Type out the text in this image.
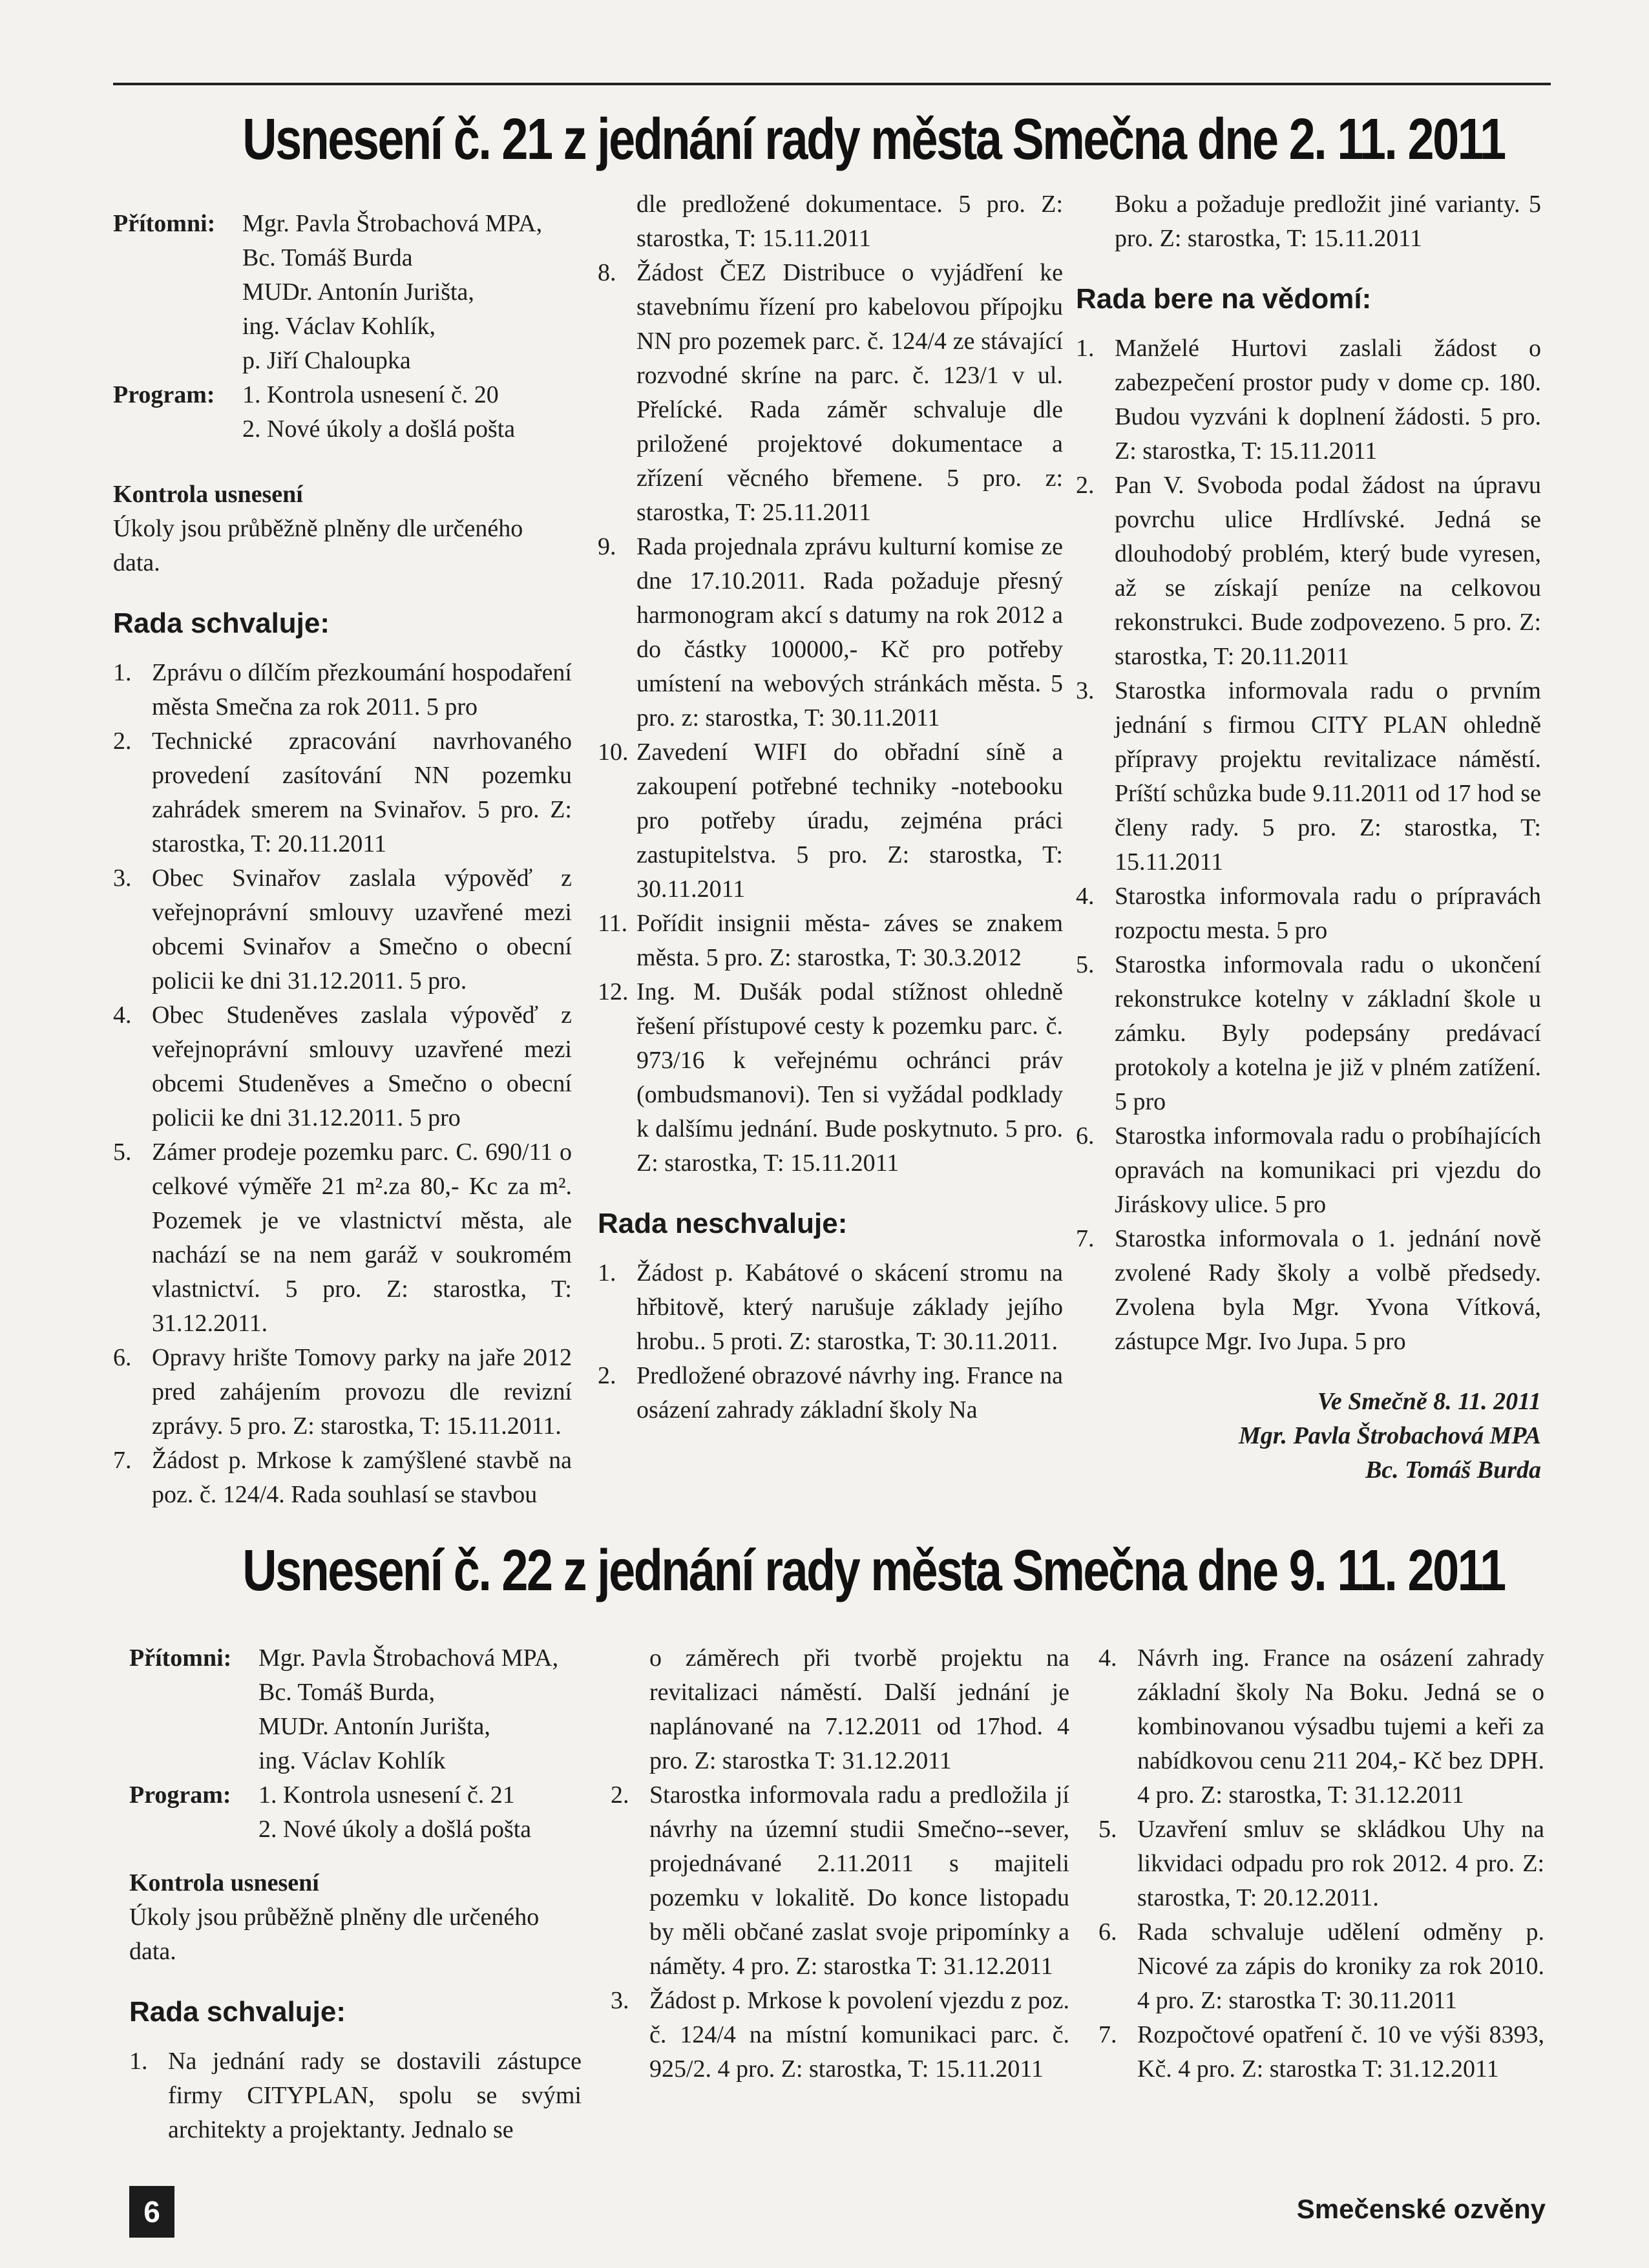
Usnesení č. 21 z jednání rady města Smečna dne 2. 11. 2011
Přítomni:	Mgr. Pavla Štrobachová MPA,
Bc. Tomáš Burda
MUDr. Antonín Jurišta,
ing. Václav Kohlík,
p. Jiří Chaloupka
Program:	1. Kontrola usnesení č. 20
2. Nové úkoly a došlá pošta
Kontrola usnesení
Úkoly jsou průběžně plněny dle určeného data.
Rada schvaluje:
1. Zprávu o dílčím přezkoumání hospodaření města Smečna za rok 2011. 5 pro
2. Technické zpracování navrhovaného provedení zasítování NN pozemku zahrádek smerem na Svinařov. 5 pro. Z: starostka, T: 20.11.2011
3. Obec Svinařov zaslala výpověď z veřejnoprávní smlouvy uzavřené mezi obcemi Svinařov a Smečno o obecní policii ke dni 31.12.2011. 5 pro.
4. Obec Studeněves zaslala výpověď z veřejnoprávní smlouvy uzavřené mezi obcemi Studeněves a Smečno o obecní policii ke dni 31.12.2011. 5 pro
5. Zámer prodeje pozemku parc. C. 690/11 o celkové výměře 21 m².za 80,- Kc za m². Pozemek je ve vlastnictví města, ale nachází se na nem garáž v soukromém vlastnictví. 5 pro. Z: starostka, T: 31.12.2011.
6. Opravy hrište Tomovy parky na jaře 2012 pred zahájením provozu dle revizní zprávy. 5 pro. Z: starostka, T: 15.11.2011.
7. Žádost p. Mrkose k zamýšlené stavbě na poz. č. 124/4. Rada souhlasí se stavbou
dle predložené dokumentace. 5 pro. Z: starostka, T: 15.11.2011
8. Žádost ČEZ Distribuce o vyjádření ke stavebnímu řízení pro kabelovou přípojku NN pro pozemek parc. č. 124/4 ze stávající rozvodné skríne na parc. č. 123/1 v ul. Přelícké. Rada záměr schvaluje dle priložené projektové dokumentace a zřízení věcného břemene. 5 pro. z: starostka, T: 25.11.2011
9. Rada projednala zprávu kulturní komise ze dne 17.10.2011. Rada požaduje přesný harmonogram akcí s datumy na rok 2012 a do částky 100000,- Kč pro potřeby umístení na webových stránkách města. 5 pro. z: starostka, T: 30.11.2011
10. Zavedení WIFI do obřadní síně a zakoupení potřebné techniky -notebooku pro potřeby úradu, zejména práci zastupitelstva. 5 pro. Z: starostka, T: 30.11.2011
11. Pořídit insignii města- záves se znakem města. 5 pro. Z: starostka, T: 30.3.2012
12. Ing. M. Dušák podal stížnost ohledně řešení přístupové cesty k pozemku parc. č. 973/16 k veřejnému ochránci práv (ombudsmanovi). Ten si vyžádal podklady k dalšímu jednání. Bude poskytnuto. 5 pro. Z: starostka, T: 15.11.2011
Rada neschvaluje:
1. Žádost p. Kabátové o skácení stromu na hřbitově, který narušuje základy jejího hrobu.. 5 proti. Z: starostka, T: 30.11.2011.
2. Predložené obrazové návrhy ing. France na osázení zahrady základní školy Na
Boku a požaduje predložit jiné varianty. 5 pro. Z: starostka, T: 15.11.2011
Rada bere na vědomí:
1. Manželé Hurtovi zaslali žádost o zabezpečení prostor pudy v dome cp. 180. Budou vyzváni k doplnení žádosti. 5 pro. Z: starostka, T: 15.11.2011
2. Pan V. Svoboda podal žádost na úpravu povrchu ulice Hrdlívské. Jedná se dlouhodobý problém, který bude vyresen, až se získají peníze na celkovou rekonstrukci. Bude zodpovezeno. 5 pro. Z: starostka, T: 20.11.2011
3. Starostka informovala radu o prvním jednání s firmou CITY PLAN ohledně přípravy projektu revitalizace náměstí. Príští schůzka bude 9.11.2011 od 17 hod se členy rady. 5 pro. Z: starostka, T: 15.11.2011
4. Starostka informovala radu o prípravách rozpoctu mesta. 5 pro
5. Starostka informovala radu o ukončení rekonstrukce kotelny v základní škole u zámku. Byly podepsány predávací protokoly a kotelna je již v plném zatížení. 5 pro
6. Starostka informovala radu o probíhajících opravách na komunikaci pri vjezdu do Jiráskovy ulice. 5 pro
7. Starostka informovala o 1. jednání nově zvolené Rady školy a volbě předsedy. Zvolena byla Mgr. Yvona Vítková, zástupce Mgr. Ivo Jupa. 5 pro
Ve Smečně 8. 11. 2011
Mgr. Pavla Štrobachová MPA
Bc. Tomáš Burda
Usnesení č. 22 z jednání rady města Smečna dne 9. 11. 2011
Přítomni:	Mgr. Pavla Štrobachová MPA,
Bc. Tomáš Burda,
MUDr. Antonín Jurišta,
ing. Václav Kohlík
Program:	1. Kontrola usnesení č. 21
2. Nové úkoly a došlá pošta
Kontrola usnesení
Úkoly jsou průběžně plněny dle určeného data.
Rada schvaluje:
1. Na jednání rady se dostavili zástupce firmy CITYPLAN, spolu se svými architekty a projektanty. Jednalo se
o záměrech při tvorbě projektu na revitalizaci náměstí. Další jednání je naplánované na 7.12.2011 od 17hod. 4 pro. Z: starostka T: 31.12.2011
2. Starostka informovala radu a predložila jí návrhy na územní studii Smečno--sever, projednávané 2.11.2011 s majiteli pozemku v lokalitě. Do konce listopadu by měli občané zaslat svoje pripomínky a náměty. 4 pro. Z: starostka T: 31.12.2011
3. Žádost p. Mrkose k povolení vjezdu z poz. č. 124/4 na místní komunikaci parc. č. 925/2. 4 pro. Z: starostka, T: 15.11.2011
4. Návrh ing. France na osázení zahrady základní školy Na Boku. Jedná se o kombinovanou výsadbu tujemi a keři za nabídkovou cenu 211 204,- Kč bez DPH. 4 pro. Z: starostka, T: 31.12.2011
5. Uzavření smluv se skládkou Uhy na likvidaci odpadu pro rok 2012. 4 pro. Z: starostka, T: 20.12.2011.
6. Rada schvaluje udělení odměny p. Nicové za zápis do kroniky za rok 2010. 4 pro. Z: starostka T: 30.11.2011
7. Rozpočtové opatření č. 10 ve výši 8393, Kč. 4 pro. Z: starostka T: 31.12.2011
6	Smečenské ozvěny
